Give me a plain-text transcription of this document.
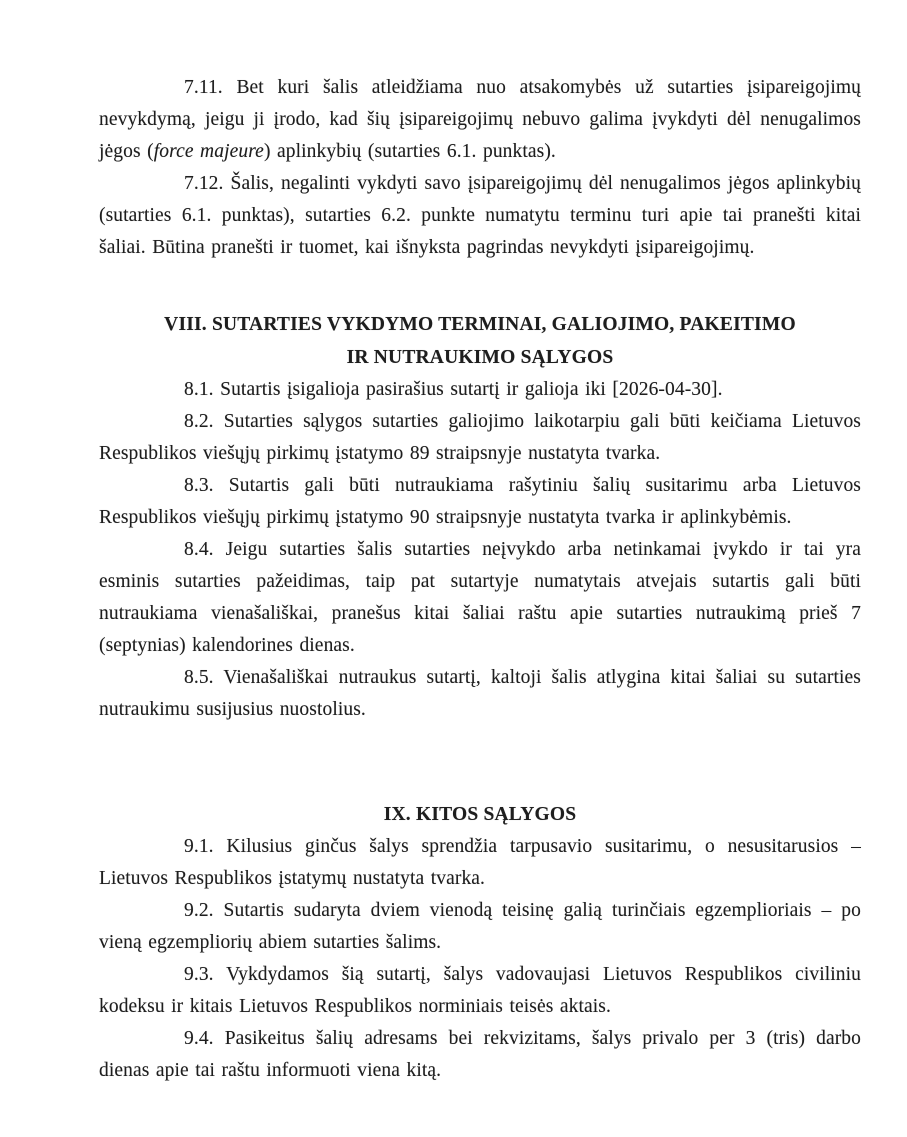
7.11. Bet kuri šalis atleidžiama nuo atsakomybės už sutarties įsipareigojimų nevykdymą, jeigu ji įrodo, kad šių įsipareigojimų nebuvo galima įvykdyti dėl nenugalimos jėgos (force majeure) aplinkybių (sutarties 6.1. punktas).

7.12. Šalis, negalinti vykdyti savo įsipareigojimų dėl nenugalimos jėgos aplinkybių (sutarties 6.1. punktas), sutarties 6.2. punkte numatytu terminu turi apie tai pranešti kitai šaliai. Būtina pranešti ir tuomet, kai išnyksta pagrindas nevykdyti įsipareigojimų.

VIII. SUTARTIES VYKDYMO TERMINAI, GALIOJIMO, PAKEITIMO
IR NUTRAUKIMO SĄLYGOS

8.1. Sutartis įsigalioja pasirašius sutartį ir galioja iki [2026-04-30].

8.2. Sutarties sąlygos sutarties galiojimo laikotarpiu gali būti keičiama Lietuvos Respublikos viešųjų pirkimų įstatymo 89 straipsnyje nustatyta tvarka.

8.3. Sutartis gali būti nutraukiama rašytiniu šalių susitarimu arba Lietuvos Respublikos viešųjų pirkimų įstatymo 90 straipsnyje nustatyta tvarka ir aplinkybėmis.

8.4. Jeigu sutarties šalis sutarties neįvykdo arba netinkamai įvykdo ir tai yra esminis sutarties pažeidimas, taip pat sutartyje numatytais atvejais sutartis gali būti nutraukiama vienašališkai, pranešus kitai šaliai raštu apie sutarties nutraukimą prieš 7 (septynias) kalendorines dienas.

8.5. Vienašališkai nutraukus sutartį, kaltoji šalis atlygina kitai šaliai su sutarties nutraukimu susijusius nuostolius.

IX. KITOS SĄLYGOS

9.1. Kilusius ginčus šalys sprendžia tarpusavio susitarimu, o nesusitarusios – Lietuvos Respublikos įstatymų nustatyta tvarka.

9.2. Sutartis sudaryta dviem vienodą teisinę galią turinčiais egzemplioriais – po vieną egzempliorių abiem sutarties šalims.

9.3. Vykdydamos šią sutartį, šalys vadovaujasi Lietuvos Respublikos civiliniu kodeksu ir kitais Lietuvos Respublikos norminiais teisės aktais.

9.4. Pasikeitus šalių adresams bei rekvizitams, šalys privalo per 3 (tris) darbo dienas apie tai raštu informuoti viena kitą.
